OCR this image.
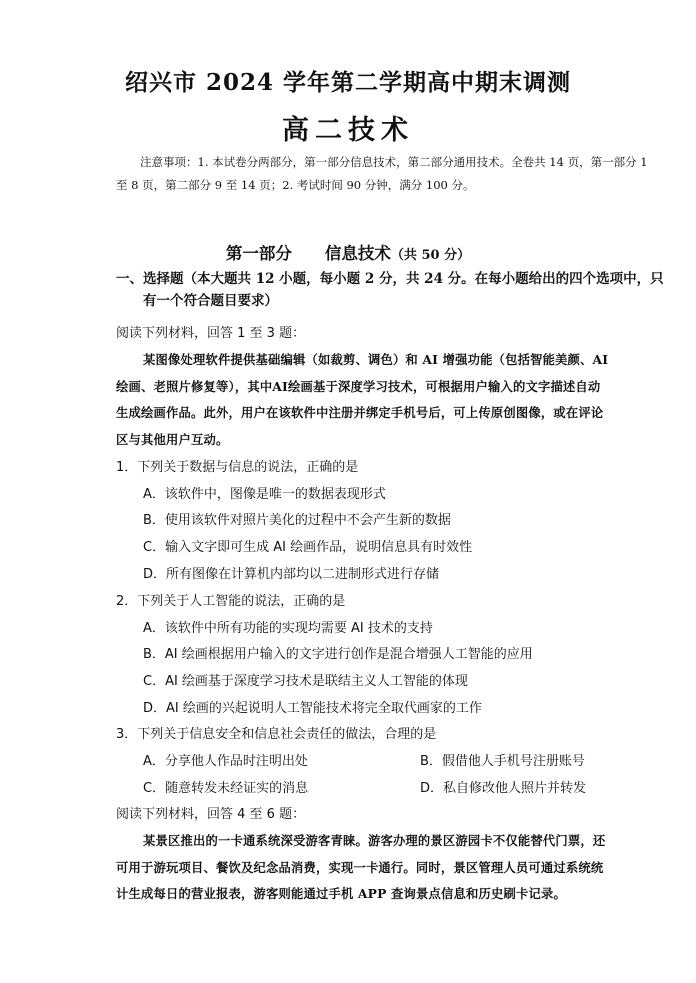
绍兴市 2024 学年第二学期高中期末调测
高二技术
注意事项：1. 本试卷分两部分，第一部分信息技术，第二部分通用技术。全卷共 14 页，第一部分 1
至 8 页，第二部分 9 至 14 页；2. 考试时间 90 分钟，满分 100 分。
第一部分　　信息技术（共 50 分）
一、选择题（本大题共 12 小题，每小题 2 分，共 24 分。在每小题给出的四个选项中，只
有一个符合题目要求）
阅读下列材料，回答 1 至 3 题：
某图像处理软件提供基础编辑（如裁剪、调色）和 AI 增强功能（包括智能美颜、AI
绘画、老照片修复等），其中AI绘画基于深度学习技术，可根据用户输入的文字描述自动
生成绘画作品。此外，用户在该软件中注册并绑定手机号后，可上传原创图像，或在评论
区与其他用户互动。
1．下列关于数据与信息的说法，正确的是
A．该软件中，图像是唯一的数据表现形式
B．使用该软件对照片美化的过程中不会产生新的数据
C．输入文字即可生成 AI 绘画作品，说明信息具有时效性
D．所有图像在计算机内部均以二进制形式进行存储
2．下列关于人工智能的说法，正确的是
A．该软件中所有功能的实现均需要 AI 技术的支持
B．AI 绘画根据用户输入的文字进行创作是混合增强人工智能的应用
C．AI 绘画基于深度学习技术是联结主义人工智能的体现
D．AI 绘画的兴起说明人工智能技术将完全取代画家的工作
3．下列关于信息安全和信息社会责任的做法，合理的是
A．分享他人作品时注明出处	B．假借他人手机号注册账号
C．随意转发未经证实的消息	D．私自修改他人照片并转发
阅读下列材料，回答 4 至 6 题：
某景区推出的一卡通系统深受游客青睐。游客办理的景区游园卡不仅能替代门票，还
可用于游玩项目、餐饮及纪念品消费，实现一卡通行。同时，景区管理人员可通过系统统
计生成每日的营业报表，游客则能通过手机 APP 查询景点信息和历史刷卡记录。
